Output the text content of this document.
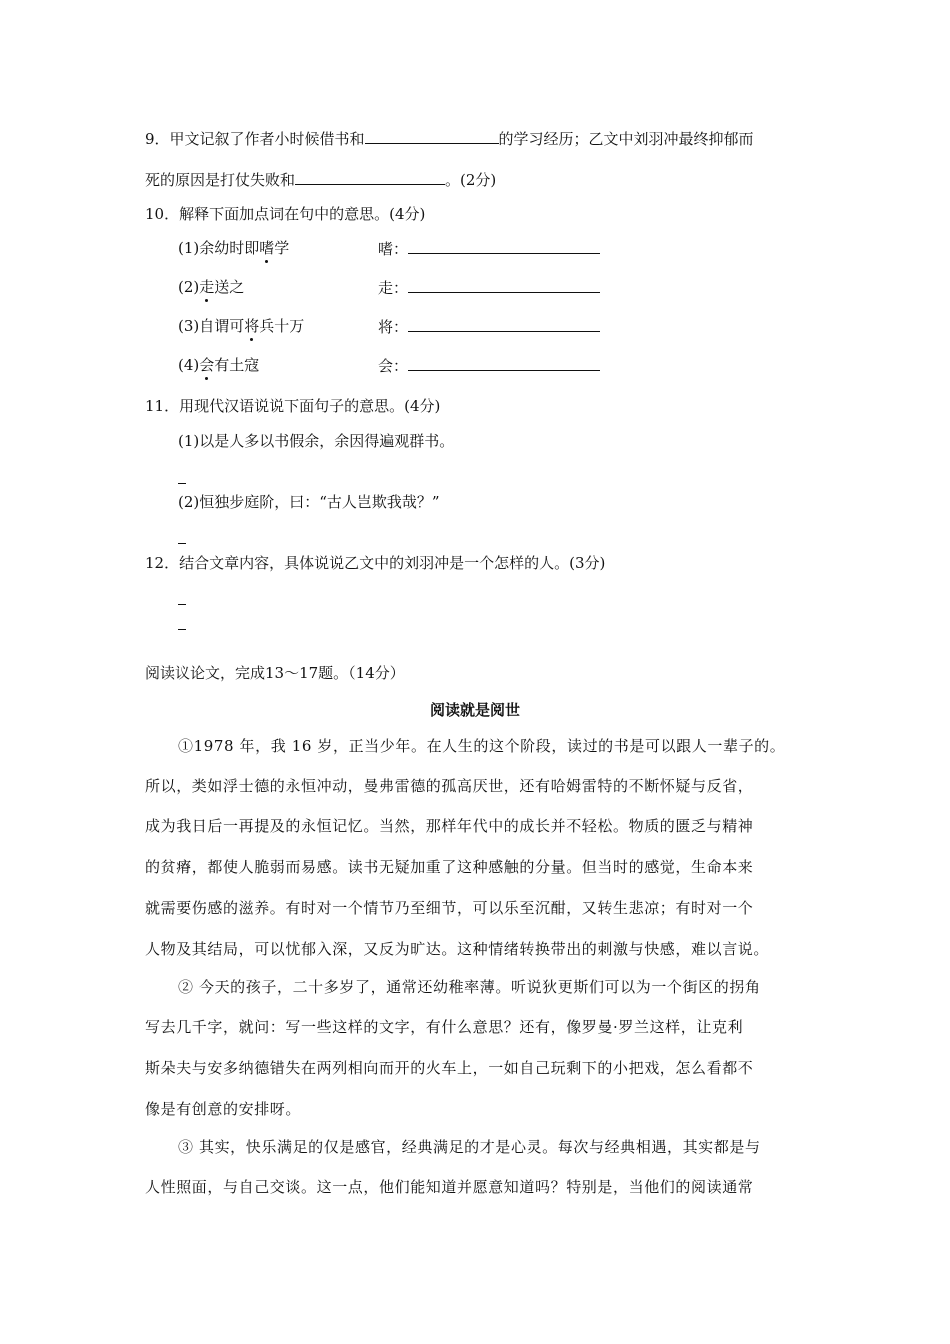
9．甲文记叙了作者小时候借书和	的学习经历；乙文中刘羽冲最终抑郁而
死的原因是打仗失败和	。(2分)
10．解释下面加点词在句中的意思。(4分)
(1)余幼时即嗜学	嗜：
(2)走送之	走：
(3)自谓可将兵十万	将：
(4)会有土寇	会：
11．用现代汉语说说下面句子的意思。(4分)
(1)以是人多以书假余，余因得遍观群书。
(2)恒独步庭阶，曰：“古人岂欺我哉？”
12．结合文章内容，具体说说乙文中的刘羽冲是一个怎样的人。(3分)
阅读议论文，完成13～17题。（14分）
阅读就是阅世
①1978 年，我 16 岁，正当少年。在人生的这个阶段，读过的书是可以跟人一辈子的。
所以，类如浮士德的永恒冲动，曼弗雷德的孤高厌世，还有哈姆雷特的不断怀疑与反省，
成为我日后一再提及的永恒记忆。当然，那样年代中的成长并不轻松。物质的匮乏与精神
的贫瘠，都使人脆弱而易感。读书无疑加重了这种感触的分量。但当时的感觉，生命本来
就需要伤感的滋养。有时对一个情节乃至细节，可以乐至沉酣，又转生悲凉；有时对一个
人物及其结局，可以忧郁入深，又反为旷达。这种情绪转换带出的刺激与快感，难以言说。
② 今天的孩子，二十多岁了，通常还幼稚率薄。听说狄更斯们可以为一个街区的拐角
写去几千字，就问：写一些这样的文字，有什么意思？还有，像罗曼·罗兰这样，让克利
斯朵夫与安多纳德错失在两列相向而开的火车上，一如自己玩剩下的小把戏，怎么看都不
像是有创意的安排呀。
③ 其实，快乐满足的仅是感官，经典满足的才是心灵。每次与经典相遇，其实都是与
人性照面，与自己交谈。这一点，他们能知道并愿意知道吗？特别是，当他们的阅读通常
